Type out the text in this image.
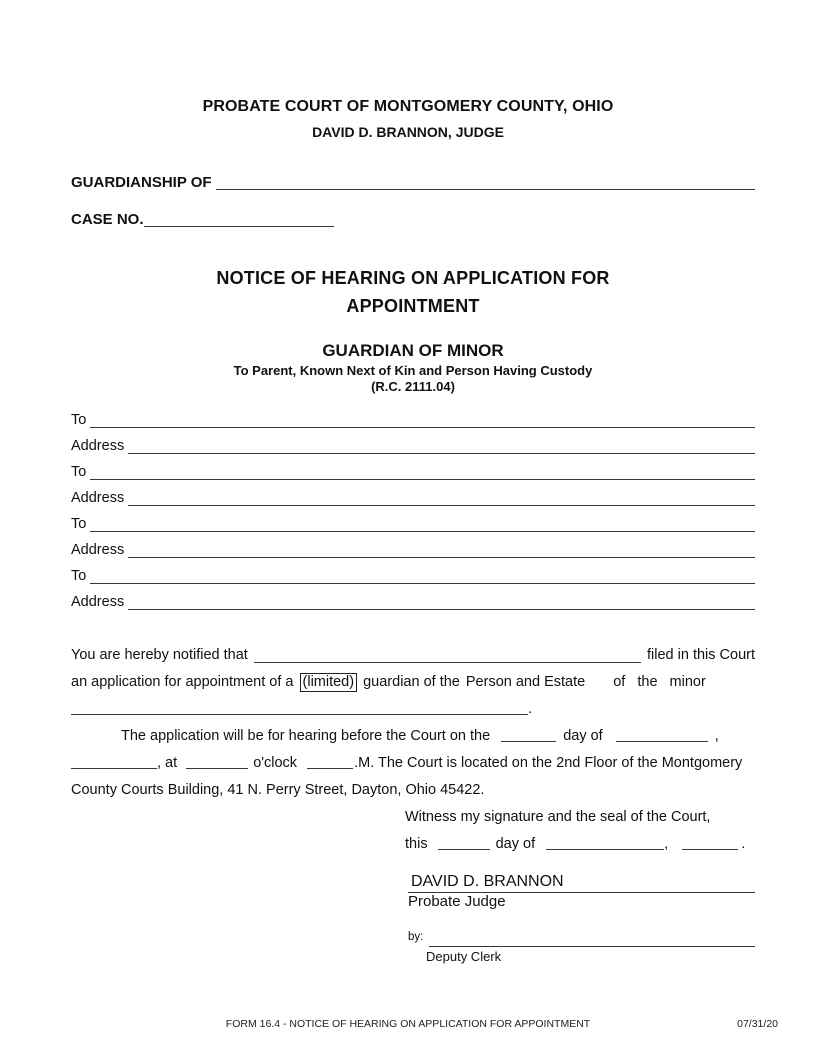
PROBATE COURT OF MONTGOMERY COUNTY, OHIO
DAVID D. BRANNON, JUDGE
GUARDIANSHIP OF
CASE NO.
NOTICE OF HEARING ON APPLICATION FOR
APPOINTMENT
GUARDIAN OF MINOR
To Parent, Known Next of Kin and Person Having Custody
(R.C. 2111.04)
To
Address
To
Address
To
Address
To
Address
You are hereby notified that	filed in this Court
an application for appointment of a (limited) guardian of the Person and Estate of the minor
.
The application will be for hearing before the Court on the	day of	,
, at	o'clock	.M. The Court is located on the 2nd Floor of the Montgomery
County Courts Building, 41 N. Perry Street, Dayton, Ohio 45422.
Witness my signature and the seal of the Court,
this	day of	,	.
DAVID D. BRANNON
Probate Judge
by:
Deputy Clerk
FORM 16.4 - NOTICE OF HEARING ON APPLICATION FOR APPOINTMENT	07/31/20
